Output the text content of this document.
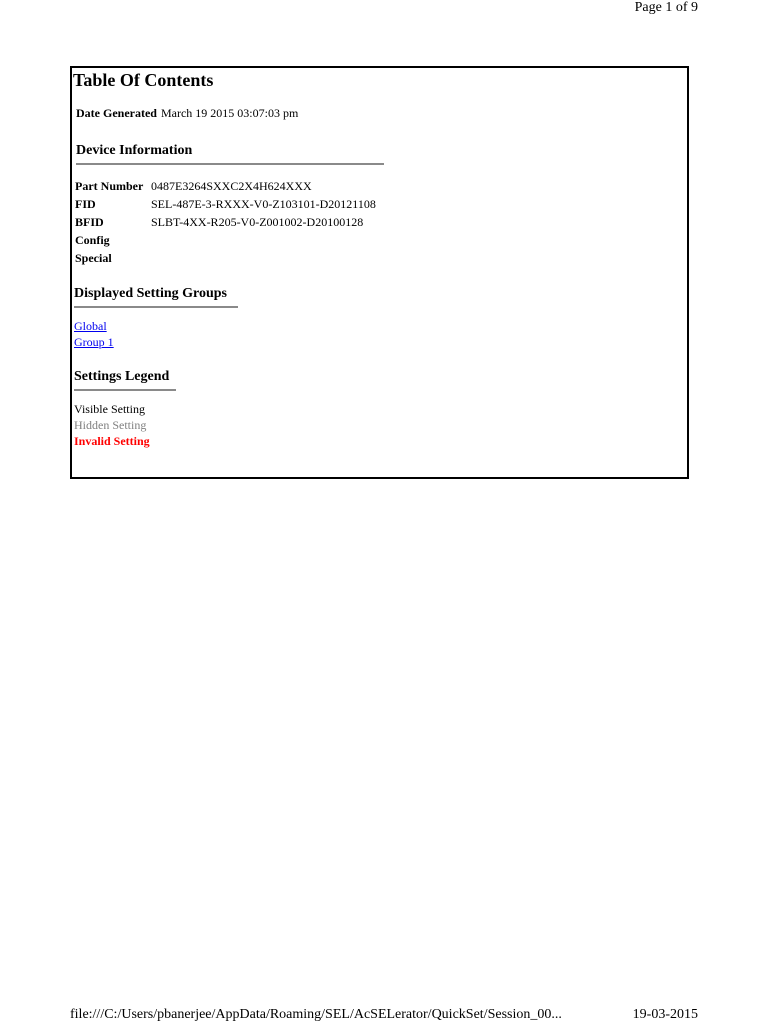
Page 1 of 9
Table Of Contents
Date Generated March 19 2015 03:07:03 pm
Device Information
Part Number	0487E3264SXXC2X4H624XXX
FID	SEL-487E-3-RXXX-V0-Z103101-D20121108
BFID	SLBT-4XX-R205-V0-Z001002-D20100128
Config	
Special	
Displayed Setting Groups
Global
Group 1
Settings Legend
Visible Setting
Hidden Setting
Invalid Setting
file:///C:/Users/pbanerjee/AppData/Roaming/SEL/AcSELerator/QuickSet/Session_00...	19-03-2015
